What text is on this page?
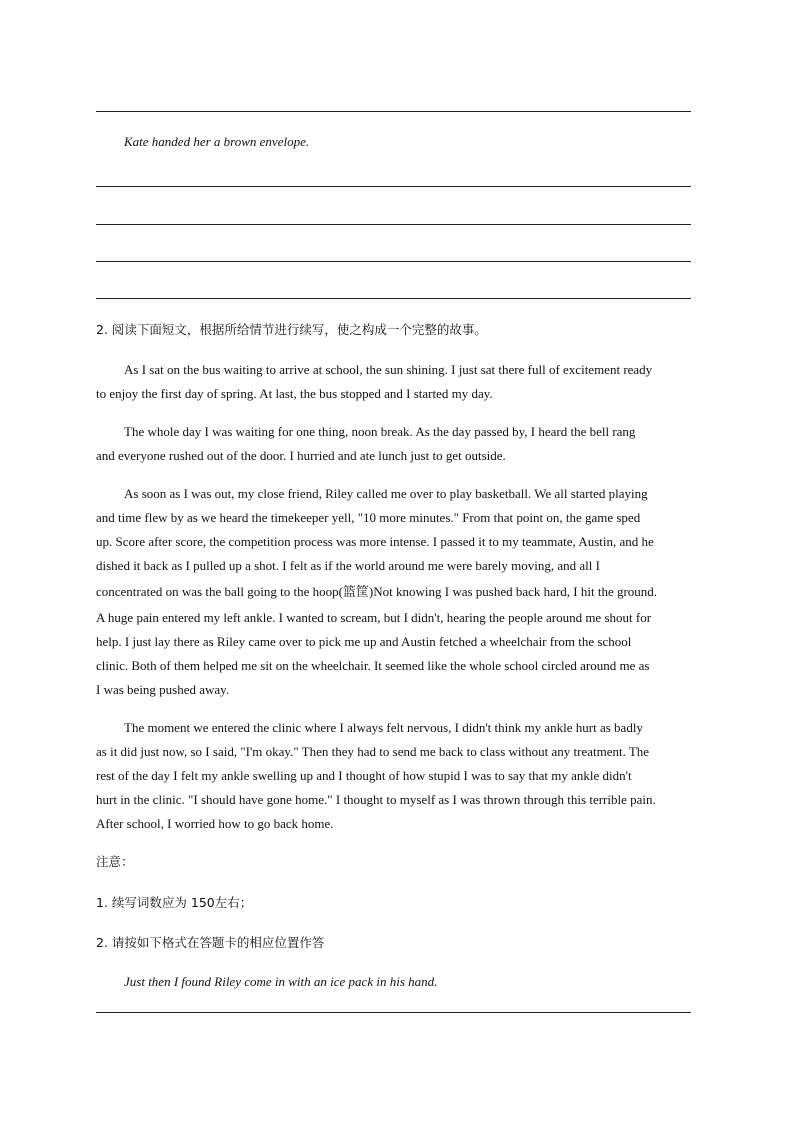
Kate handed her a brown envelope.
2. 阅读下面短文，根据所给情节进行续写，使之构成一个完整的故事。
As I sat on the bus waiting to arrive at school, the sun shining. I just sat there full of excitement ready
to enjoy the first day of spring. At last, the bus stopped and I started my day.
The whole day I was waiting for one thing, noon break. As the day passed by, I heard the bell rang
and everyone rushed out of the door. I hurried and ate lunch just to get outside.
As soon as I was out, my close friend, Riley called me over to play basketball. We all started playing
and time flew by as we heard the timekeeper yell, "10 more minutes." From that point on, the game sped
up. Score after score, the competition process was more intense. I passed it to my teammate, Austin, and he
dished it back as I pulled up a shot. I felt as if the world around me were barely moving, and all I
concentrated on was the ball going to the hoop(篮筐)Not knowing I was pushed back hard, I hit the ground.
A huge pain entered my left ankle. I wanted to scream, but I didn't, hearing the people around me shout for
help. I just lay there as Riley came over to pick me up and Austin fetched a wheelchair from the school
clinic. Both of them helped me sit on the wheelchair. It seemed like the whole school circled around me as
I was being pushed away.
The moment we entered the clinic where I always felt nervous, I didn't think my ankle hurt as badly
as it did just now, so I said, "I'm okay." Then they had to send me back to class without any treatment. The
rest of the day I felt my ankle swelling up and I thought of how stupid I was to say that my ankle didn't
hurt in the clinic. "I should have gone home." I thought to myself as I was thrown through this terrible pain.
After school, I worried how to go back home.
注意：
1. 续写词数应为 150左右；
2. 请按如下格式在答题卡的相应位置作答
Just then I found Riley come in with an ice pack in his hand.
